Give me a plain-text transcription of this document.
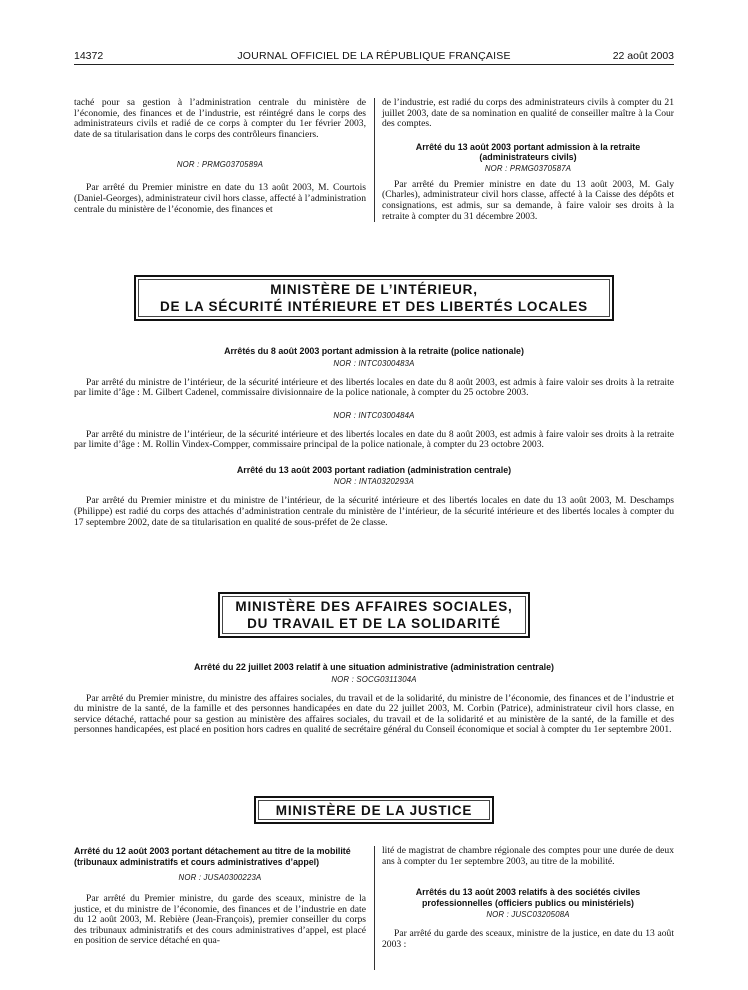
14372	JOURNAL OFFICIEL DE LA RÉPUBLIQUE FRANÇAISE	22 août 2003

taché pour sa gestion à l’administration centrale du ministère de l’économie, des finances et de l’industrie, est réintégré dans le corps des administrateurs civils et radié de ce corps à compter du 1er février 2003, date de sa titularisation dans le corps des contrôleurs financiers.

NOR : PRMG0370589A

Par arrêté du Premier ministre en date du 13 août 2003, M. Courtois (Daniel-Georges), administrateur civil hors classe, affecté à l’administration centrale du ministère de l’économie, des finances et

de l’industrie, est radié du corps des administrateurs civils à compter du 21 juillet 2003, date de sa nomination en qualité de conseiller maître à la Cour des comptes.

Arrêté du 13 août 2003 portant admission à la retraite (administrateurs civils)

NOR : PRMG0370587A

Par arrêté du Premier ministre en date du 13 août 2003, M. Galy (Charles), administrateur civil hors classe, affecté à la Caisse des dépôts et consignations, est admis, sur sa demande, à faire valoir ses droits à la retraite à compter du 31 décembre 2003.

MINISTÈRE DE L’INTÉRIEUR,
DE LA SÉCURITÉ INTÉRIEURE ET DES LIBERTÉS LOCALES

Arrêtés du 8 août 2003 portant admission à la retraite (police nationale)

NOR : INTC0300483A

Par arrêté du ministre de l’intérieur, de la sécurité intérieure et des libertés locales en date du 8 août 2003, est admis à faire valoir ses droits à la retraite par limite d’âge : M. Gilbert Cadenel, commissaire divisionnaire de la police nationale, à compter du 25 octobre 2003.

NOR : INTC0300484A

Par arrêté du ministre de l’intérieur, de la sécurité intérieure et des libertés locales en date du 8 août 2003, est admis à faire valoir ses droits à la retraite par limite d’âge : M. Rollin Vindex-Compper, commissaire principal de la police nationale, à compter du 23 octobre 2003.

Arrêté du 13 août 2003 portant radiation (administration centrale)

NOR : INTA0320293A

Par arrêté du Premier ministre et du ministre de l’intérieur, de la sécurité intérieure et des libertés locales en date du 13 août 2003, M. Deschamps (Philippe) est radié du corps des attachés d’administration centrale du ministère de l’intérieur, de la sécurité intérieure et des libertés locales à compter du 17 septembre 2002, date de sa titularisation en qualité de sous-préfet de 2e classe.

MINISTÈRE DES AFFAIRES SOCIALES,
DU TRAVAIL ET DE LA SOLIDARITÉ

Arrêté du 22 juillet 2003 relatif à une situation administrative (administration centrale)

NOR : SOCG0311304A

Par arrêté du Premier ministre, du ministre des affaires sociales, du travail et de la solidarité, du ministre de l’économie, des finances et de l’industrie et du ministre de la santé, de la famille et des personnes handicapées en date du 22 juillet 2003, M. Corbin (Patrice), administrateur civil hors classe, en service détaché, rattaché pour sa gestion au ministère des affaires sociales, du travail et de la solidarité et au ministère de la santé, de la famille et des personnes handicapées, est placé en position hors cadres en qualité de secrétaire général du Conseil économique et social à compter du 1er septembre 2001.

MINISTÈRE DE LA JUSTICE

Arrêté du 12 août 2003 portant détachement au titre de la mobilité (tribunaux administratifs et cours administratives d’appel)

NOR : JUSA0300223A

Par arrêté du Premier ministre, du garde des sceaux, ministre de la justice, et du ministre de l’économie, des finances et de l’industrie en date du 12 août 2003, M. Rebière (Jean-François), premier conseiller du corps des tribunaux administratifs et des cours administratives d’appel, est placé en position de service détaché en qua-

lité de magistrat de chambre régionale des comptes pour une durée de deux ans à compter du 1er septembre 2003, au titre de la mobilité.

Arrêtés du 13 août 2003 relatifs à des sociétés civiles professionnelles (officiers publics ou ministériels)

NOR : JUSC0320508A

Par arrêté du garde des sceaux, ministre de la justice, en date du 13 août 2003 :
